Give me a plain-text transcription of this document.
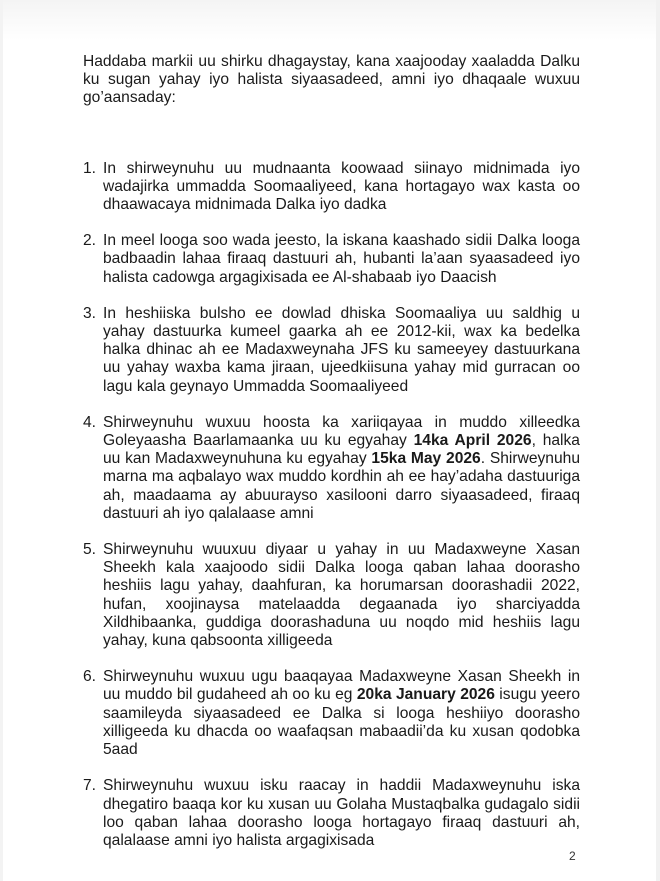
Haddaba markii uu shirku dhagaystay, kana xaajooday xaaladda Dalku ku sugan yahay iyo halista siyaasadeed, amni iyo dhaqaale wuxuu go’aansaday:

1. In shirweynuhu uu mudnaanta koowaad siinayo midnimada iyo wadajirka ummadda Soomaaliyeed, kana hortagayo wax kasta oo dhaawacaya midnimada Dalka iyo dadka
2. In meel looga soo wada jeesto, la iskana kaashado sidii Dalka looga badbaadin lahaa firaaq dastuuri ah, hubanti la’aan syaasadeed iyo halista cadowga argagixisada ee Al-shabaab iyo Daacish
3. In heshiiska bulsho ee dowlad dhiska Soomaaliya uu saldhig u yahay dastuurka kumeel gaarka ah ee 2012-kii, wax ka bedelka halka dhinac ah ee Madaxweynaha JFS ku sameeyey dastuurkana uu yahay waxba kama jiraan, ujeedkiisuna yahay mid gurracan oo lagu kala geynayo Ummadda Soomaaliyeed
4. Shirweynuhu wuxuu hoosta ka xariiqayaa in muddo xilleedka Goleyaasha Baarlamaanka uu ku egyahay 14ka April 2026, halka uu kan Madaxweynuhuna ku egyahay 15ka May 2026. Shirweynuhu marna ma aqbalayo wax muddo kordhin ah ee hay’adaha dastuuriga ah, maadaama ay abuurayso xasilooni darro siyaasadeed, firaaq dastuuri ah iyo qalalaase amni
5. Shirweynuhu wuuxuu diyaar u yahay in uu Madaxweyne Xasan Sheekh kala xaajoodo sidii Dalka looga qaban lahaa doorasho heshiis lagu yahay, daahfuran, ka horumarsan doorashadii 2022, hufan, xoojinaysa matelaadda degaanada iyo sharciyadda Xildhibaanka, guddiga doorashaduna uu noqdo mid heshiis lagu yahay, kuna qabsoonta xilligeeda
6. Shirweynuhu wuxuu ugu baaqayaa Madaxweyne Xasan Sheekh in uu muddo bil gudaheed ah oo ku eg 20ka January 2026 isugu yeero saamileyda siyaasadeed ee Dalka si looga heshiiyo doorasho xilligeeda ku dhacda oo waafaqsan mabaadii’da ku xusan qodobka 5aad
7. Shirweynuhu wuxuu isku raacay in haddii Madaxweynuhu iska dhegatiro baaqa kor ku xusan uu Golaha Mustaqbalka gudagalo sidii loo qaban lahaa doorasho looga hortagayo firaaq dastuuri ah, qalalaase amni iyo halista argagixisada
2
